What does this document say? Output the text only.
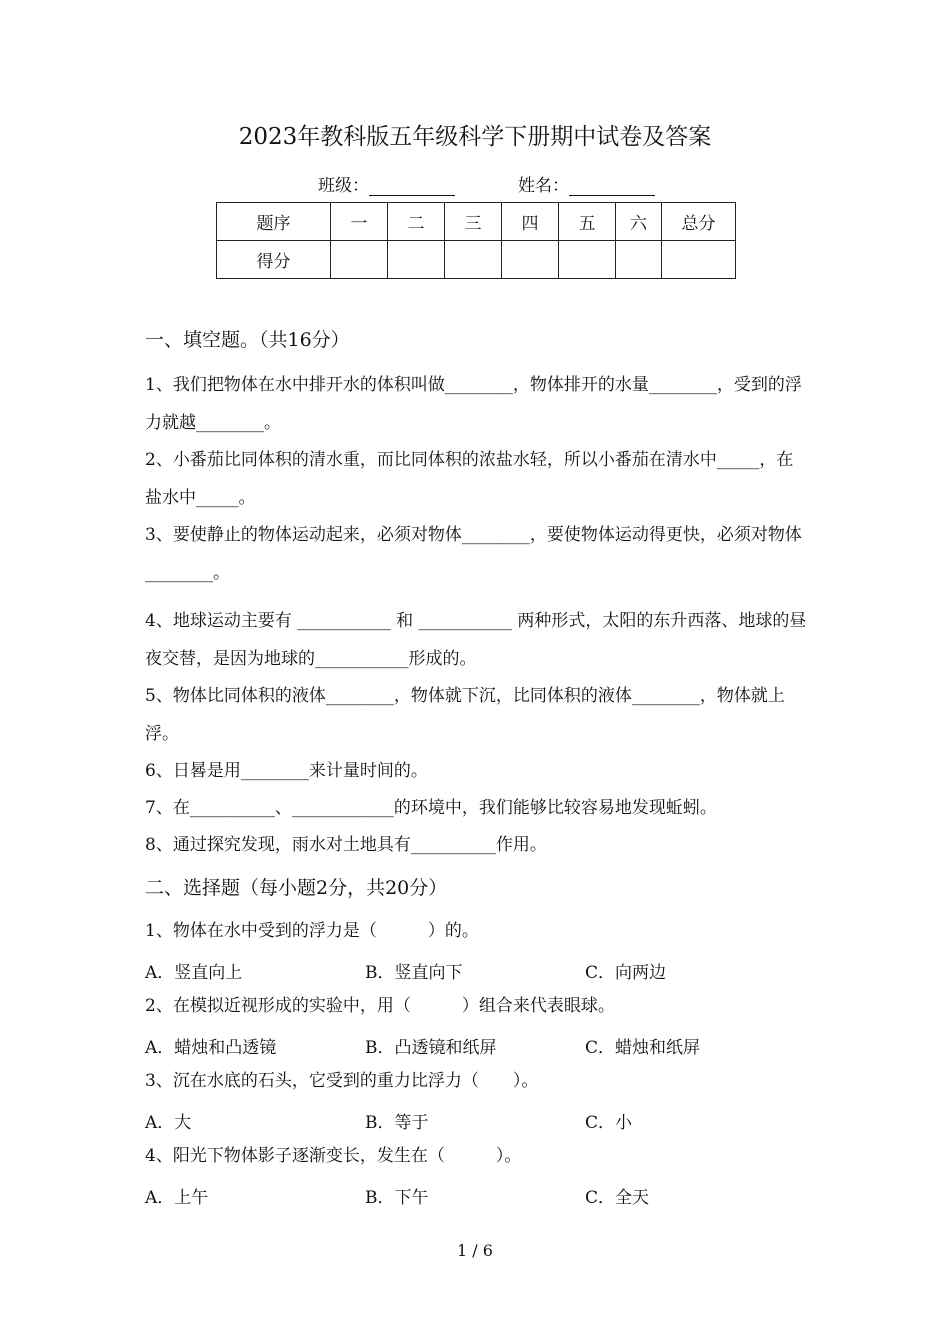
2023年教科版五年级科学下册期中试卷及答案
班级：	姓名：
题序	一	二	三	四	五	六	总分
得分							
一、填空题。（共16分）
1、我们把物体在水中排开水的体积叫做________，物体排开的水量________，受到的浮力就越________。
2、小番茄比同体积的清水重，而比同体积的浓盐水轻，所以小番茄在清水中_____，在盐水中_____。
3、要使静止的物体运动起来，必须对物体________，要使物体运动得更快，必须对物体________。
4、地球运动主要有 ___________ 和 ___________ 两种形式，太阳的东升西落、地球的昼夜交替，是因为地球的___________形成的。
5、物体比同体积的液体________，物体就下沉，比同体积的液体________，物体就上浮。
6、日晷是用________来计量时间的。
7、在__________、____________的环境中，我们能够比较容易地发现蚯蚓。
8、通过探究发现，雨水对土地具有__________作用。
二、选择题（每小题2分，共20分）
1、物体在水中受到的浮力是（　　　）的。
A．竖直向上	B．竖直向下	C．向两边
2、在模拟近视形成的实验中，用（　　　）组合来代表眼球。
A．蜡烛和凸透镜	B．凸透镜和纸屏	C．蜡烛和纸屏
3、沉在水底的石头，它受到的重力比浮力（　　）。
A．大	B．等于	C．小
4、阳光下物体影子逐渐变长，发生在（　　　）。
A．上午	B．下午	C．全天
1 / 6
